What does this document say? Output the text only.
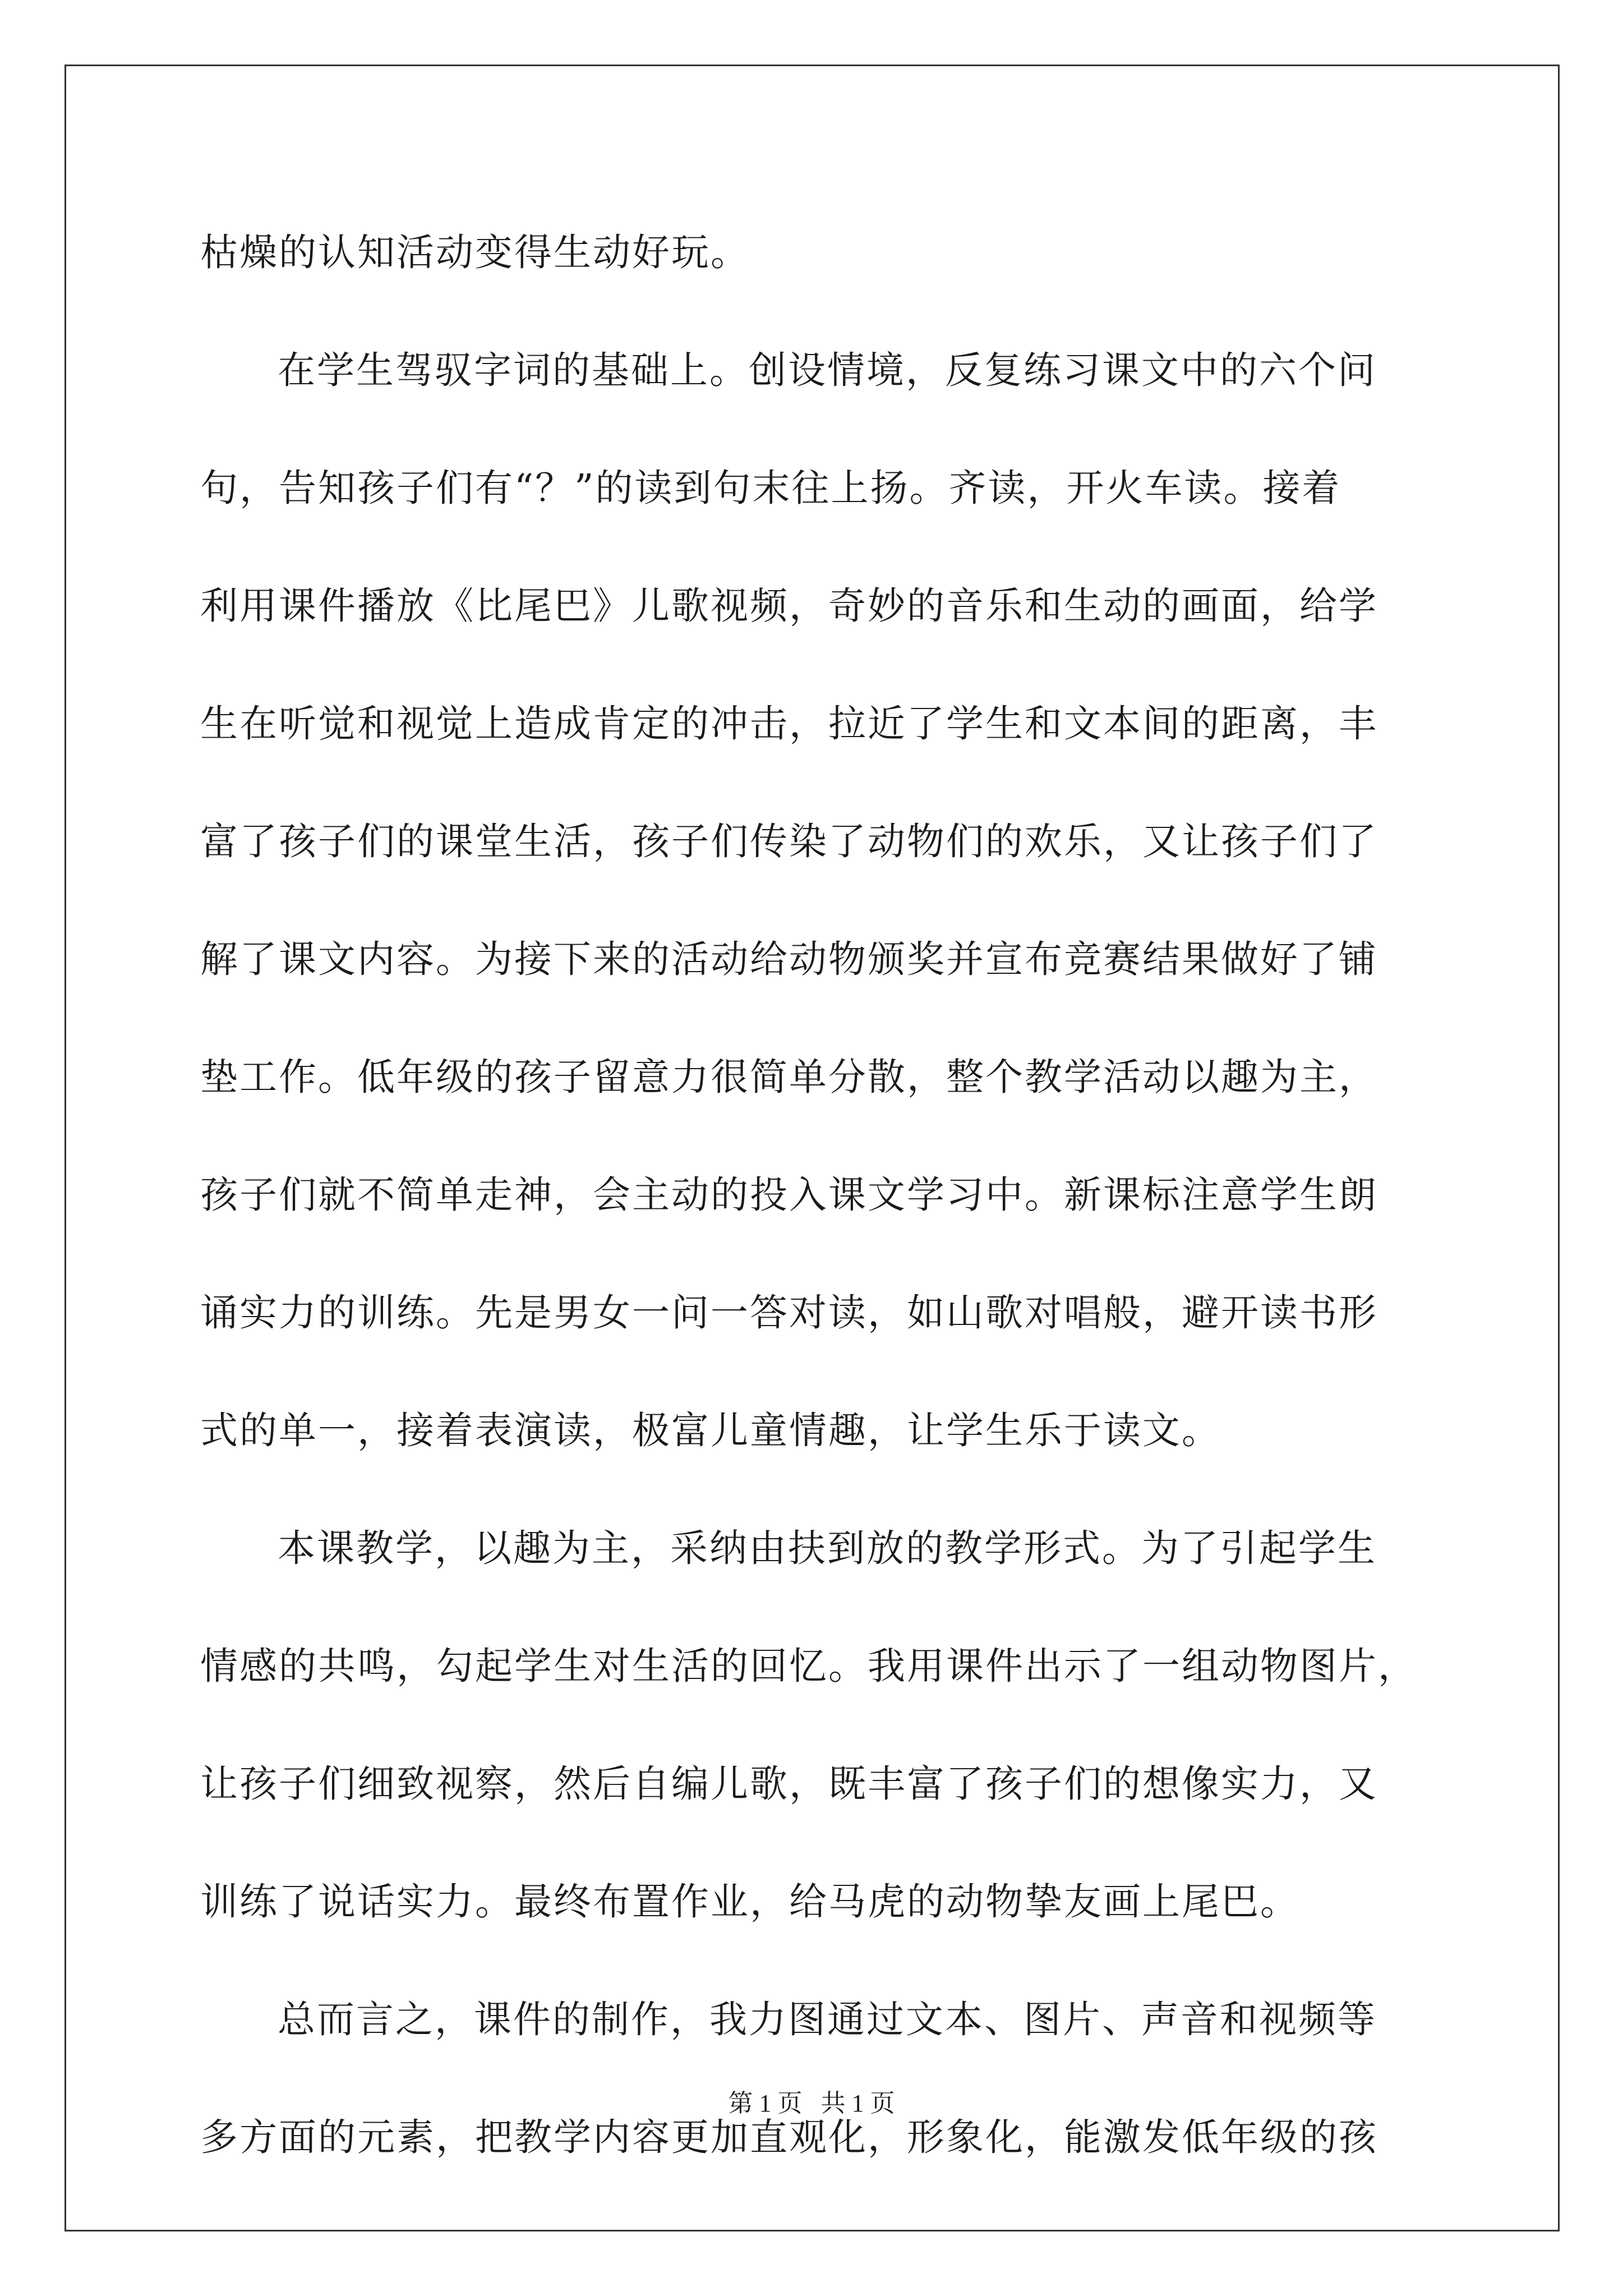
枯燥的认知活动变得生动好玩。
在学生驾驭字词的基础上。创设情境，反复练习课文中的六个问
句，告知孩子们有“？”的读到句末往上扬。齐读，开火车读。接着
利用课件播放《比尾巴》儿歌视频，奇妙的音乐和生动的画面，给学
生在听觉和视觉上造成肯定的冲击，拉近了学生和文本间的距离，丰
富了孩子们的课堂生活，孩子们传染了动物们的欢乐，又让孩子们了
解了课文内容。为接下来的活动给动物颁奖并宣布竞赛结果做好了铺
垫工作。低年级的孩子留意力很简单分散，整个教学活动以趣为主，
孩子们就不简单走神，会主动的投入课文学习中。新课标注意学生朗
诵实力的训练。先是男女一问一答对读，如山歌对唱般，避开读书形
式的单一，接着表演读，极富儿童情趣，让学生乐于读文。
本课教学，以趣为主，采纳由扶到放的教学形式。为了引起学生
情感的共鸣，勾起学生对生活的回忆。我用课件出示了一组动物图片，
让孩子们细致视察，然后自编儿歌，既丰富了孩子们的想像实力，又
训练了说话实力。最终布置作业，给马虎的动物挚友画上尾巴。
总而言之，课件的制作，我力图通过文本、图片、声音和视频等
多方面的元素，把教学内容更加直观化，形象化，能激发低年级的孩
第 1 页   共 1 页
